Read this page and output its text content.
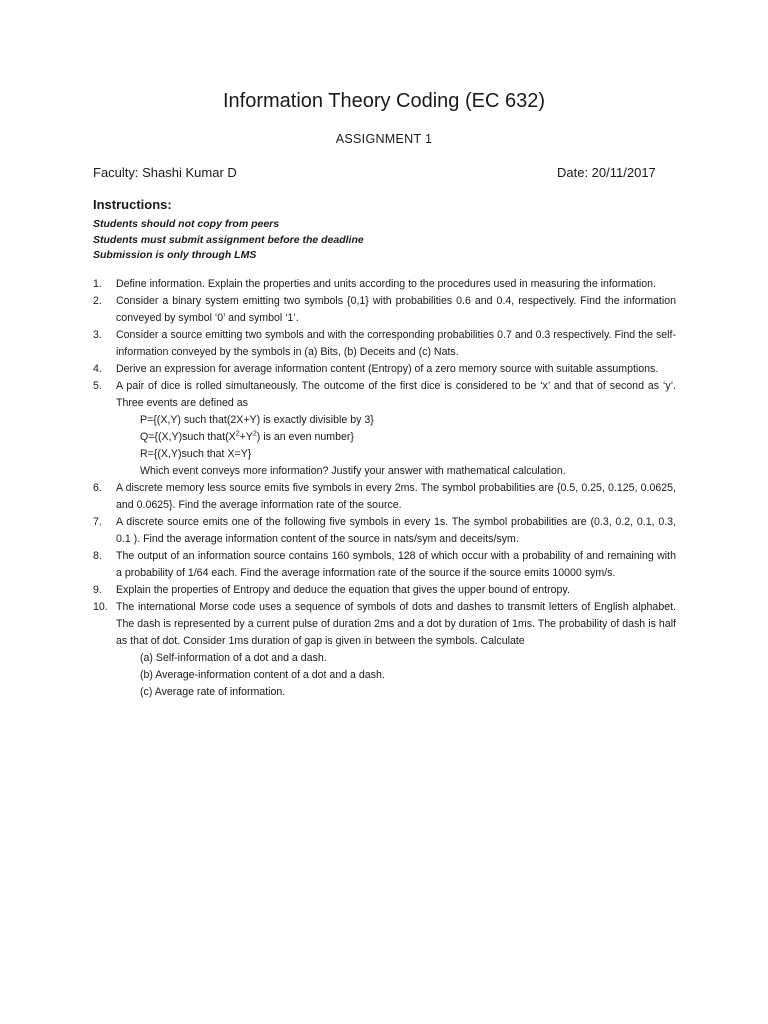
Information Theory Coding (EC 632)
ASSIGNMENT 1
Faculty: Shashi Kumar D	Date: 20/11/2017
Instructions:
Students should not copy from peers
Students must submit assignment before the deadline
Submission is only through LMS
1.	Define information. Explain the properties and units according to the procedures used in measuring the information.
2.	Consider a binary system emitting two symbols {0,1} with probabilities 0.6 and 0.4, respectively. Find the information conveyed by symbol ‘0’ and symbol ‘1’.
3.	Consider a source emitting two symbols and with the corresponding probabilities 0.7 and 0.3 respectively. Find the self-information conveyed by the symbols in (a) Bits, (b) Deceits and (c) Nats.
4.	Derive an expression for average information content (Entropy) of a zero memory source with suitable assumptions.
5.	A pair of dice is rolled simultaneously. The outcome of the first dice is considered to be ‘x’ and that of second as ‘y’. Three events are defined as
P={(X,Y) such that(2X+Y) is exactly divisible by 3}
Q={(X,Y)such $that(X^2+Y^2)$ is an even number}
R={(X,Y)such that X=Y}
Which event conveys more information? Justify your answer with mathematical calculation.
6.	A discrete memory less source emits five symbols in every 2ms. The symbol probabilities are {0.5, 0.25, 0.125, 0.0625, and 0.0625}. Find the average information rate of the source.
7.	A discrete source emits one of the following five symbols in every 1s. The symbol probabilities are (0.3, 0.2, 0.1, 0.3, 0.1 ). Find the average information content of the source in nats/sym and deceits/sym.
8.	The output of an information source contains 160 symbols, 128 of which occur with a probability of and remaining with a probability of 1/64 each. Find the average information rate of the source if the source emits 10000 sym/s.
9.	Explain the properties of Entropy and deduce the equation that gives the upper bound of entropy.
10. The international Morse code uses a sequence of symbols of dots and dashes to transmit letters of English alphabet. The dash is represented by a current pulse of duration 2ms and a dot by duration of 1ms. The probability of dash is half as that of dot. Consider 1ms duration of gap is given in between the symbols. Calculate
(a) Self-information of a dot and a dash.
(b) Average-information content of a dot and a dash.
(c) Average rate of information.
